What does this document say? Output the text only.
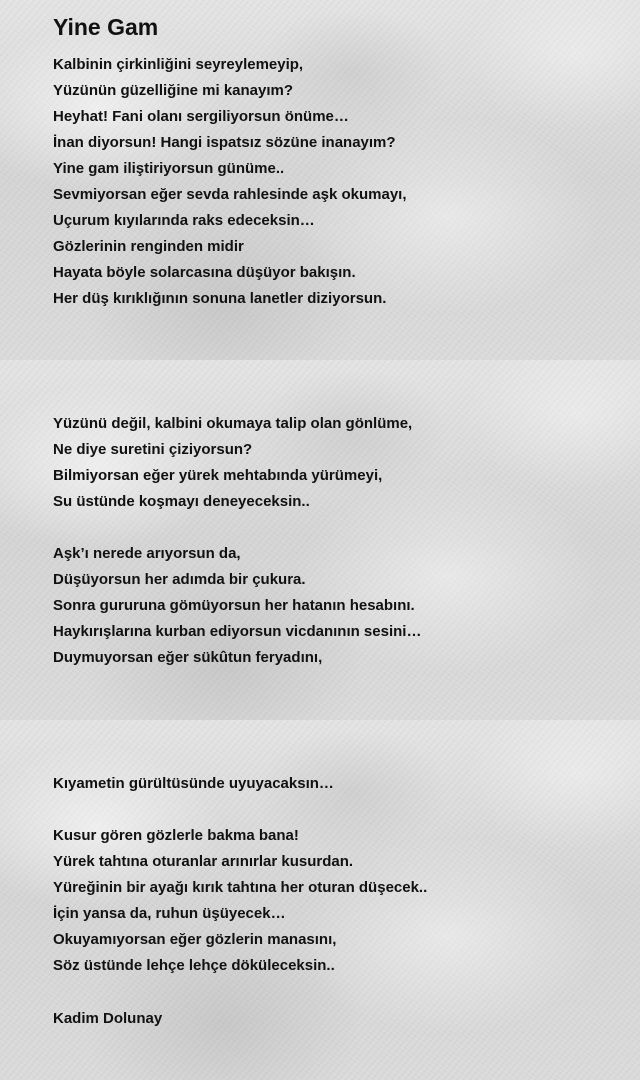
Yine Gam
Kalbinin çirkinliğini seyreylemeyip,
Yüzünün güzelliğine mi kanayım?
Heyhat! Fani olanı sergiliyorsun önüme…
İnan diyorsun! Hangi ispatsız sözüne inanayım?
Yine gam iliştiriyorsun günüme..
Sevmiyorsan eğer sevda rahlesinde aşk okumayı,
Uçurum kıyılarında raks edeceksin…
Gözlerinin renginden midir
Hayata böyle solarcasına düşüyor bakışın.
Her düş kırıklığının sonuna lanetler diziyorsun.
Yüzünü değil, kalbini okumaya talip olan gönlüme,
Ne diye suretini çiziyorsun?
Bilmiyorsan eğer yürek mehtabında yürümeyi,
Su üstünde koşmayı deneyeceksin..
Aşk’ı nerede arıyorsun da,
Düşüyorsun her adımda bir çukura.
Sonra gururuna gömüyorsun her hatanın hesabını.
Haykırışlarına kurban ediyorsun vicdanının sesini…
Duymuyorsan eğer sükûtun feryadını,
Kıyametin gürültüsünde uyuyacaksın…
Kusur gören gözlerle bakma bana!
Yürek tahtına oturanlar arınırlar kusurdan.
Yüreğinin bir ayağı kırık tahtına her oturan düşecek..
İçin yansa da, ruhun üşüyecek…
Okuyamıyorsan eğer gözlerin manasını,
Söz üstünde lehçe lehçe döküleceksin..

Kadim Dolunay
